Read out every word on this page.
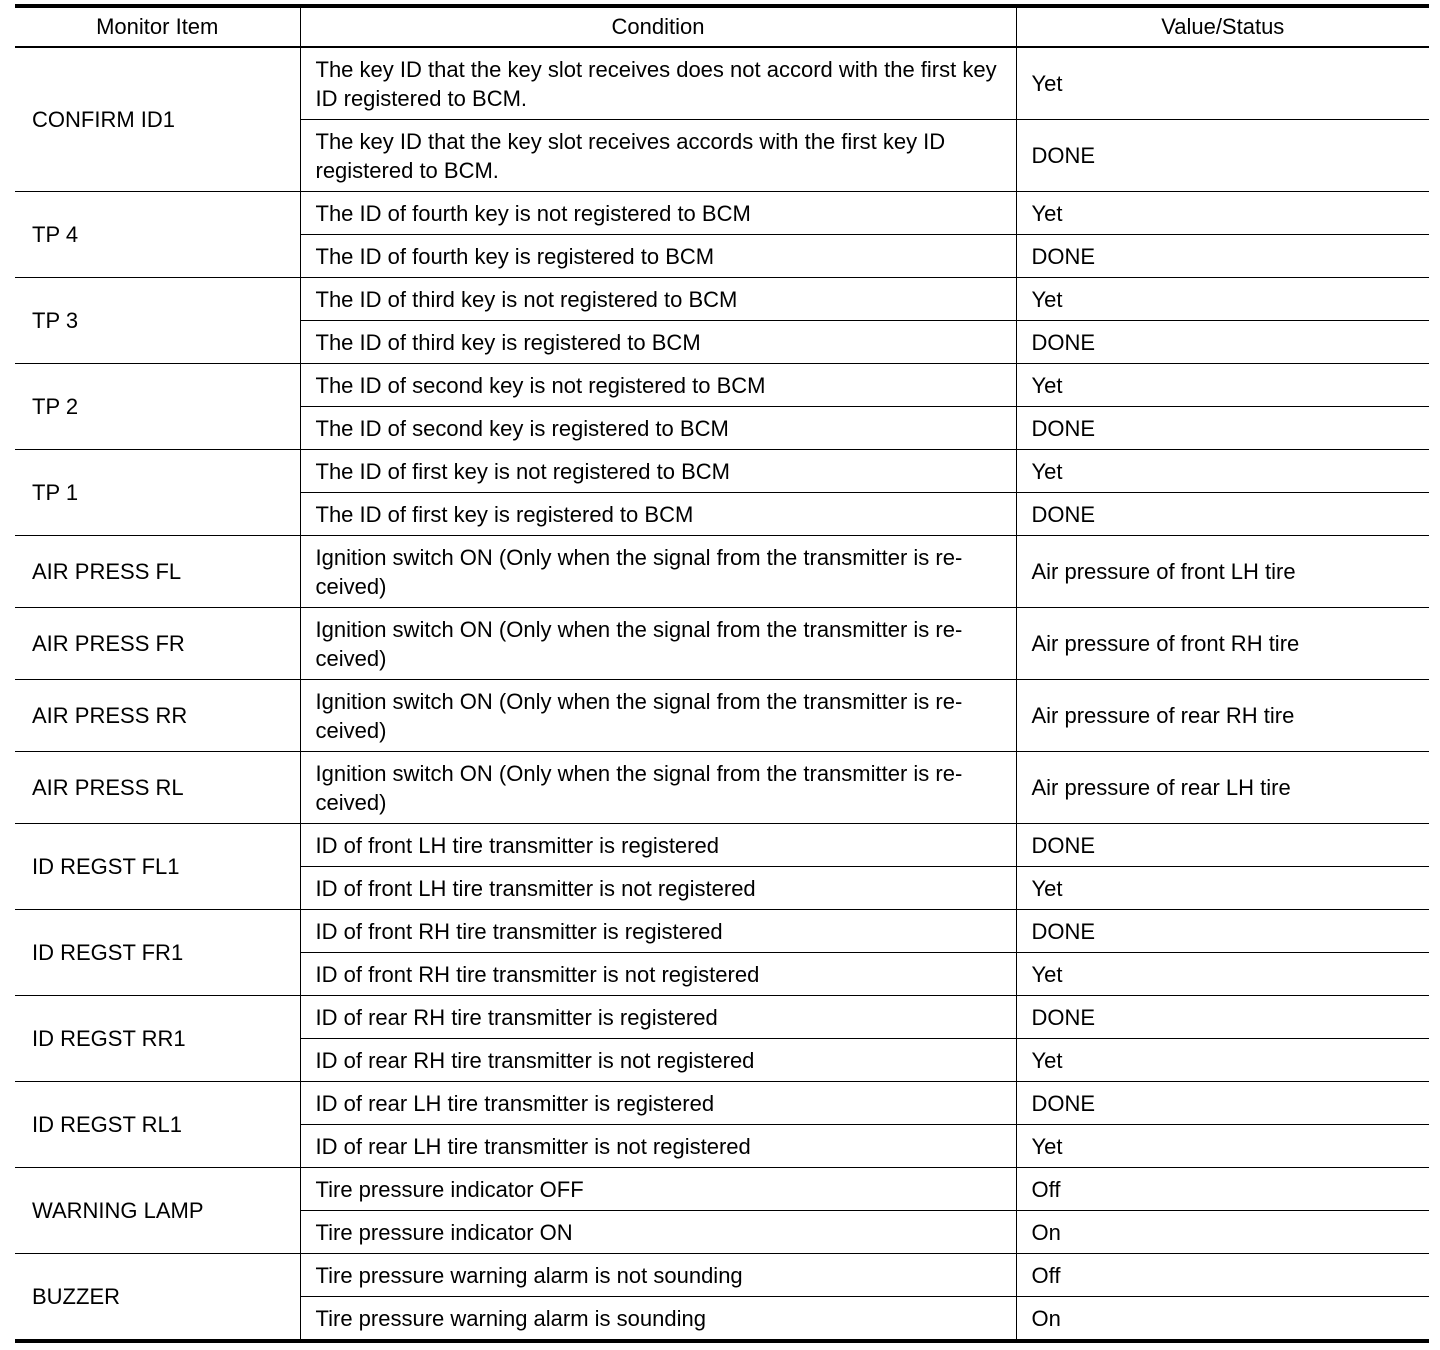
Monitor Item	Condition	Value/Status
CONFIRM ID1	The key ID that the key slot receives does not accord with the first key ID registered to BCM.	Yet
	The key ID that the key slot receives accords with the first key ID registered to BCM.	DONE
TP 4	The ID of fourth key is not registered to BCM	Yet
	The ID of fourth key is registered to BCM	DONE
TP 3	The ID of third key is not registered to BCM	Yet
	The ID of third key is registered to BCM	DONE
TP 2	The ID of second key is not registered to BCM	Yet
	The ID of second key is registered to BCM	DONE
TP 1	The ID of first key is not registered to BCM	Yet
	The ID of first key is registered to BCM	DONE
AIR PRESS FL	Ignition switch ON (Only when the signal from the transmitter is re-ceived)	Air pressure of front LH tire
AIR PRESS FR	Ignition switch ON (Only when the signal from the transmitter is re-ceived)	Air pressure of front RH tire
AIR PRESS RR	Ignition switch ON (Only when the signal from the transmitter is re-ceived)	Air pressure of rear RH tire
AIR PRESS RL	Ignition switch ON (Only when the signal from the transmitter is re-ceived)	Air pressure of rear LH tire
ID REGST FL1	ID of front LH tire transmitter is registered	DONE
	ID of front LH tire transmitter is not registered	Yet
ID REGST FR1	ID of front RH tire transmitter is registered	DONE
	ID of front RH tire transmitter is not registered	Yet
ID REGST RR1	ID of rear RH tire transmitter is registered	DONE
	ID of rear RH tire transmitter is not registered	Yet
ID REGST RL1	ID of rear LH tire transmitter is registered	DONE
	ID of rear LH tire transmitter is not registered	Yet
WARNING LAMP	Tire pressure indicator OFF	Off
	Tire pressure indicator ON	On
BUZZER	Tire pressure warning alarm is not sounding	Off
	Tire pressure warning alarm is sounding	On
